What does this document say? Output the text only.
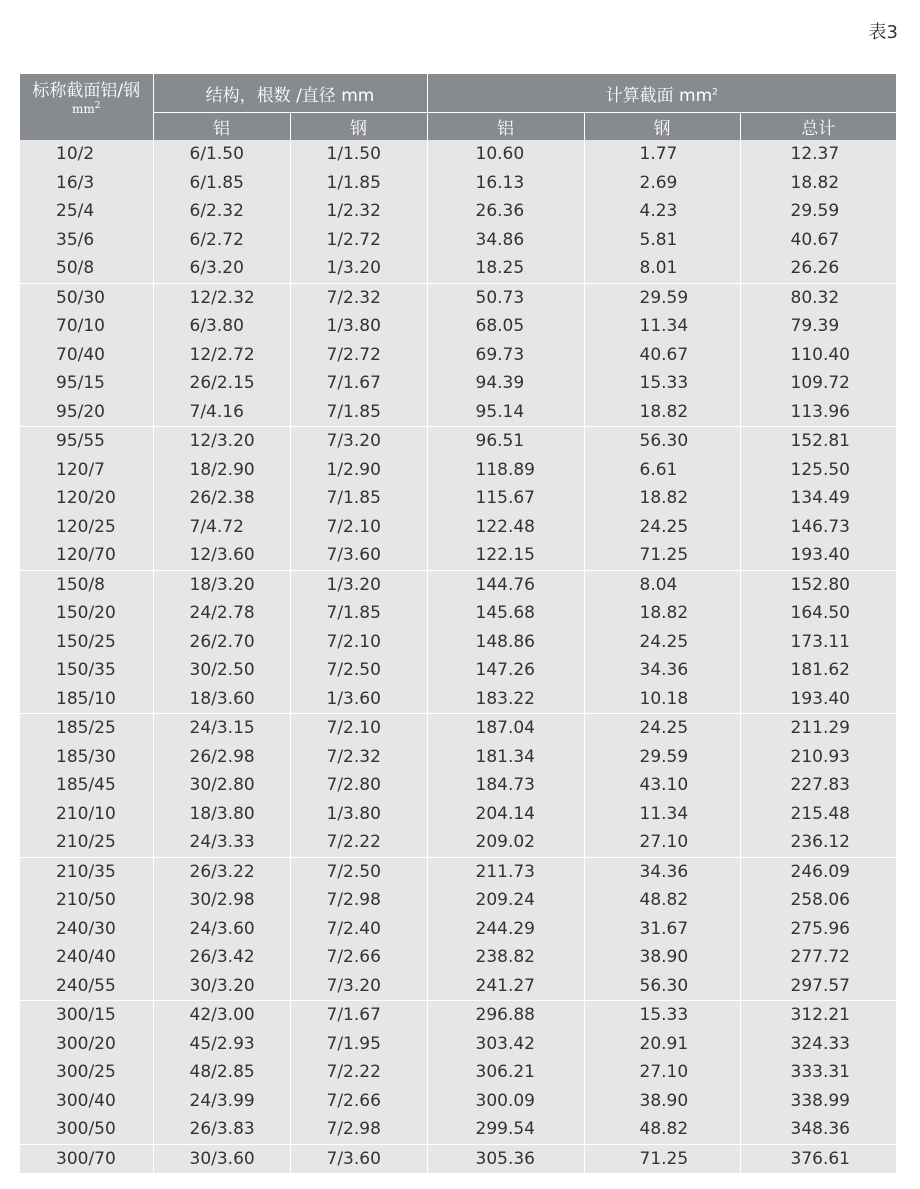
表3
标称截面铝/钢
$mm^2$	结构，根数 /直径 mm		计算截面 $mm^2$
	铝	钢	铝	钢	总计
10/2	6/1.50	1/1.50	10.60	1.77	12.37
16/3	6/1.85	1/1.85	16.13	2.69	18.82
25/4	6/2.32	1/2.32	26.36	4.23	29.59
35/6	6/2.72	1/2.72	34.86	5.81	40.67
50/8	6/3.20	1/3.20	18.25	8.01	26.26
50/30	12/2.32	7/2.32	50.73	29.59	80.32
70/10	6/3.80	1/3.80	68.05	11.34	79.39
70/40	12/2.72	7/2.72	69.73	40.67	110.40
95/15	26/2.15	7/1.67	94.39	15.33	109.72
95/20	7/4.16	7/1.85	95.14	18.82	113.96
95/55	12/3.20	7/3.20	96.51	56.30	152.81
120/7	18/2.90	1/2.90	118.89	6.61	125.50
120/20	26/2.38	7/1.85	115.67	18.82	134.49
120/25	7/4.72	7/2.10	122.48	24.25	146.73
120/70	12/3.60	7/3.60	122.15	71.25	193.40
150/8	18/3.20	1/3.20	144.76	8.04	152.80
150/20	24/2.78	7/1.85	145.68	18.82	164.50
150/25	26/2.70	7/2.10	148.86	24.25	173.11
150/35	30/2.50	7/2.50	147.26	34.36	181.62
185/10	18/3.60	1/3.60	183.22	10.18	193.40
185/25	24/3.15	7/2.10	187.04	24.25	211.29
185/30	26/2.98	7/2.32	181.34	29.59	210.93
185/45	30/2.80	7/2.80	184.73	43.10	227.83
210/10	18/3.80	1/3.80	204.14	11.34	215.48
210/25	24/3.33	7/2.22	209.02	27.10	236.12
210/35	26/3.22	7/2.50	211.73	34.36	246.09
210/50	30/2.98	7/2.98	209.24	48.82	258.06
240/30	24/3.60	7/2.40	244.29	31.67	275.96
240/40	26/3.42	7/2.66	238.82	38.90	277.72
240/55	30/3.20	7/3.20	241.27	56.30	297.57
300/15	42/3.00	7/1.67	296.88	15.33	312.21
300/20	45/2.93	7/1.95	303.42	20.91	324.33
300/25	48/2.85	7/2.22	306.21	27.10	333.31
300/40	24/3.99	7/2.66	300.09	38.90	338.99
300/50	26/3.83	7/2.98	299.54	48.82	348.36
300/70	30/3.60	7/3.60	305.36	71.25	376.61
